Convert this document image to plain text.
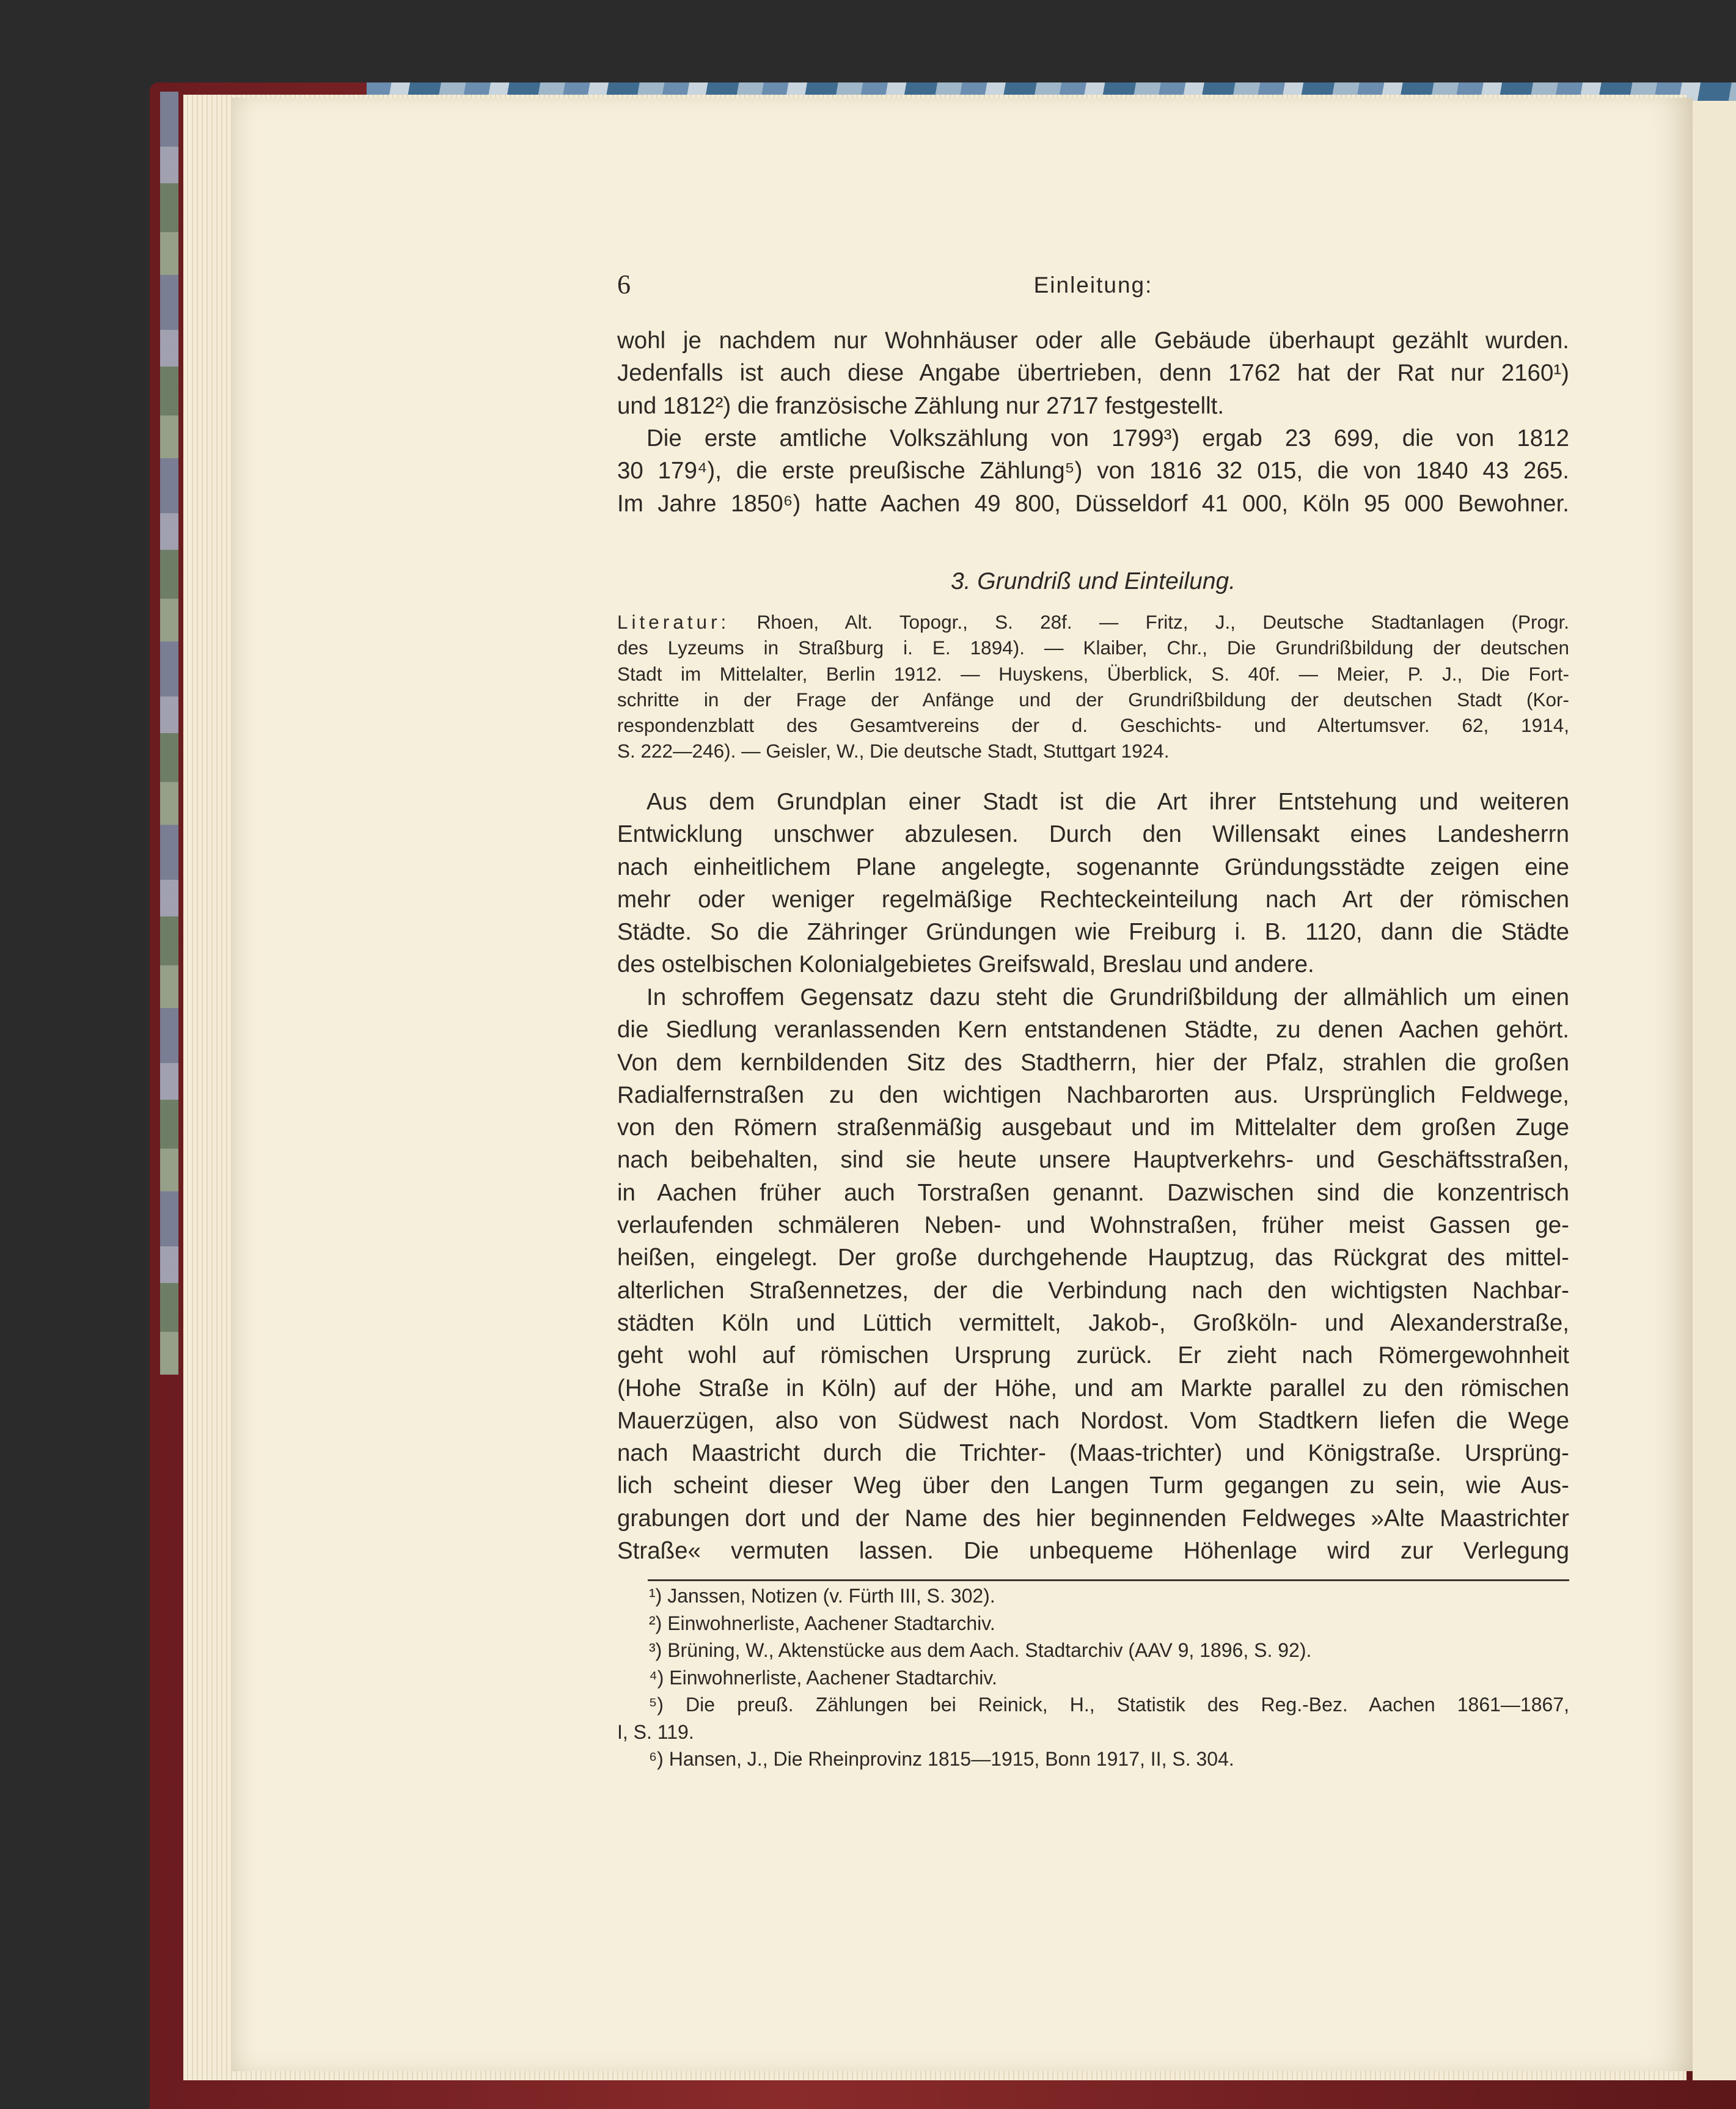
6	Einleitung:
wohl je nachdem nur Wohnhäuser oder alle Gebäude überhaupt gezählt wurden.
Jedenfalls ist auch diese Angabe übertrieben, denn 1762 hat der Rat nur 2160¹)
und 1812²) die französische Zählung nur 2717 festgestellt.
Die erste amtliche Volkszählung von 1799³) ergab 23 699, die von 1812
30 179⁴), die erste preußische Zählung⁵) von 1816 32 015, die von 1840 43 265.
Im Jahre 1850⁶) hatte Aachen 49 800, Düsseldorf 41 000, Köln 95 000 Bewohner.
3. Grundriß und Einteilung.
Literatur: Rhoen, Alt. Topogr., S. 28f. — Fritz, J., Deutsche Stadtanlagen (Progr.
des Lyzeums in Straßburg i. E. 1894). — Klaiber, Chr., Die Grundrißbildung der deutschen
Stadt im Mittelalter, Berlin 1912. — Huyskens, Überblick, S. 40f. — Meier, P. J., Die Fort-
schritte in der Frage der Anfänge und der Grundrißbildung der deutschen Stadt (Kor-
respondenzblatt des Gesamtvereins der d. Geschichts- und Altertumsver. 62, 1914,
S. 222—246). — Geisler, W., Die deutsche Stadt, Stuttgart 1924.
Aus dem Grundplan einer Stadt ist die Art ihrer Entstehung und weiteren
Entwicklung unschwer abzulesen. Durch den Willensakt eines Landesherrn
nach einheitlichem Plane angelegte, sogenannte Gründungsstädte zeigen eine
mehr oder weniger regelmäßige Rechteckeinteilung nach Art der römischen
Städte. So die Zähringer Gründungen wie Freiburg i. B. 1120, dann die Städte
des ostelbischen Kolonialgebietes Greifswald, Breslau und andere.
In schroffem Gegensatz dazu steht die Grundrißbildung der allmählich um einen
die Siedlung veranlassenden Kern entstandenen Städte, zu denen Aachen gehört.
Von dem kernbildenden Sitz des Stadtherrn, hier der Pfalz, strahlen die großen
Radialfernstraßen zu den wichtigen Nachbarorten aus. Ursprünglich Feldwege,
von den Römern straßenmäßig ausgebaut und im Mittelalter dem großen Zuge
nach beibehalten, sind sie heute unsere Hauptverkehrs- und Geschäftsstraßen,
in Aachen früher auch Torstraßen genannt. Dazwischen sind die konzentrisch
verlaufenden schmäleren Neben- und Wohnstraßen, früher meist Gassen ge-
heißen, eingelegt. Der große durchgehende Hauptzug, das Rückgrat des mittel-
alterlichen Straßennetzes, der die Verbindung nach den wichtigsten Nachbar-
städten Köln und Lüttich vermittelt, Jakob-, Großköln- und Alexanderstraße,
geht wohl auf römischen Ursprung zurück. Er zieht nach Römergewohnheit
(Hohe Straße in Köln) auf der Höhe, und am Markte parallel zu den römischen
Mauerzügen, also von Südwest nach Nordost. Vom Stadtkern liefen die Wege
nach Maastricht durch die Trichter- (Maas-trichter) und Königstraße. Ursprüng-
lich scheint dieser Weg über den Langen Turm gegangen zu sein, wie Aus-
grabungen dort und der Name des hier beginnenden Feldweges »Alte Maastrichter
Straße« vermuten lassen. Die unbequeme Höhenlage wird zur Verlegung
¹) Janssen, Notizen (v. Fürth III, S. 302).
²) Einwohnerliste, Aachener Stadtarchiv.
³) Brüning, W., Aktenstücke aus dem Aach. Stadtarchiv (AAV 9, 1896, S. 92).
⁴) Einwohnerliste, Aachener Stadtarchiv.
⁵) Die preuß. Zählungen bei Reinick, H., Statistik des Reg.-Bez. Aachen 1861—1867,
I, S. 119.
⁶) Hansen, J., Die Rheinprovinz 1815—1915, Bonn 1917, II, S. 304.
